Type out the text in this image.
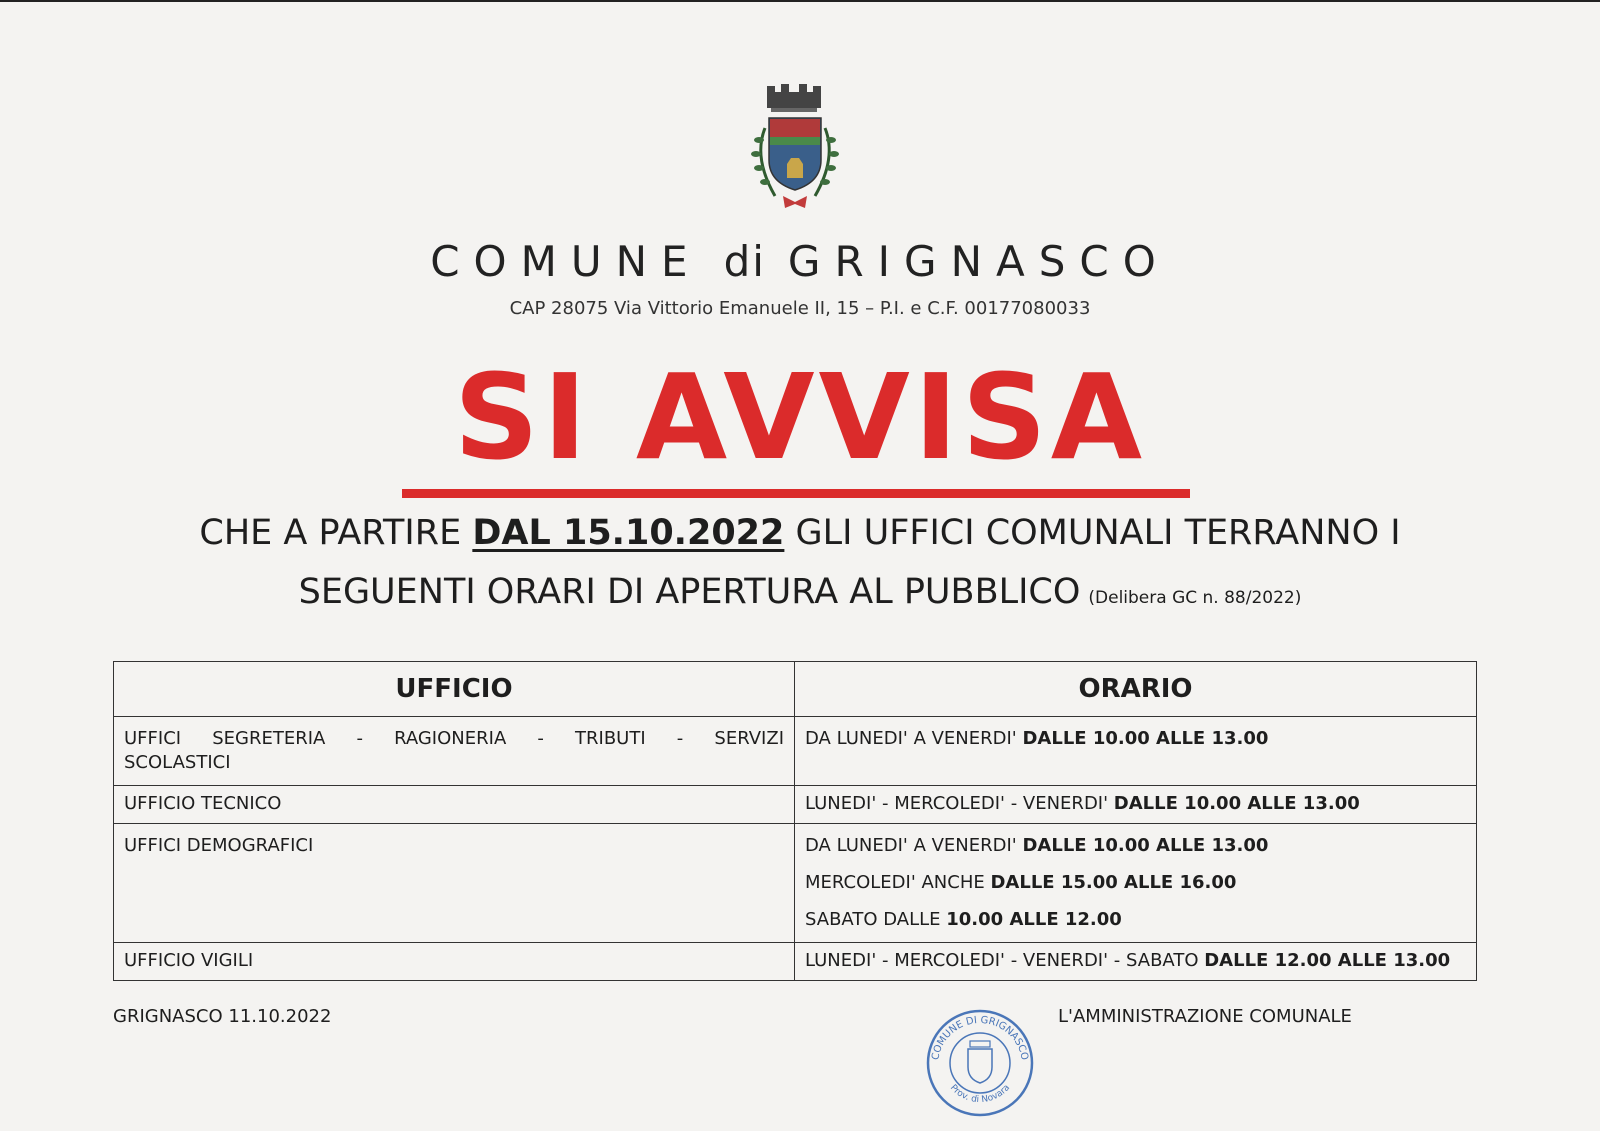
COMUNE di GRIGNASCO
CAP 28075 Via Vittorio Emanuele II, 15 – P.I. e C.F. 00177080033
SI AVVISA
CHE A PARTIRE DAL 15.10.2022 GLI UFFICI COMUNALI TERRANNO I
SEGUENTI ORARI DI APERTURA AL PUBBLICO (Delibera GC n. 88/2022)
UFFICIO	ORARIO

UFFICI   SEGRETERIA   -   RAGIONERIA   -   TRIBUTI   -   SERVIZI
SCOLASTICI	DA LUNEDI' A VENERDI' DALLE 10.00 ALLE 13.00

UFFICIO TECNICO	LUNEDI' - MERCOLEDI' - VENERDI' DALLE 10.00 ALLE 13.00

UFFICI DEMOGRAFICI	DA LUNEDI' A VENERDI' DALLE 10.00 ALLE 13.00
MERCOLEDI' ANCHE DALLE 15.00 ALLE 16.00
SABATO DALLE 10.00 ALLE 12.00

UFFICIO VIGILI	LUNEDI' - MERCOLEDI' - VENERDI' - SABATO DALLE 12.00 ALLE 13.00
GRIGNASCO 11.10.2022	L'AMMINISTRAZIONE COMUNALE
COMUNE DI GRIGNASCO
Prov. di Novara
